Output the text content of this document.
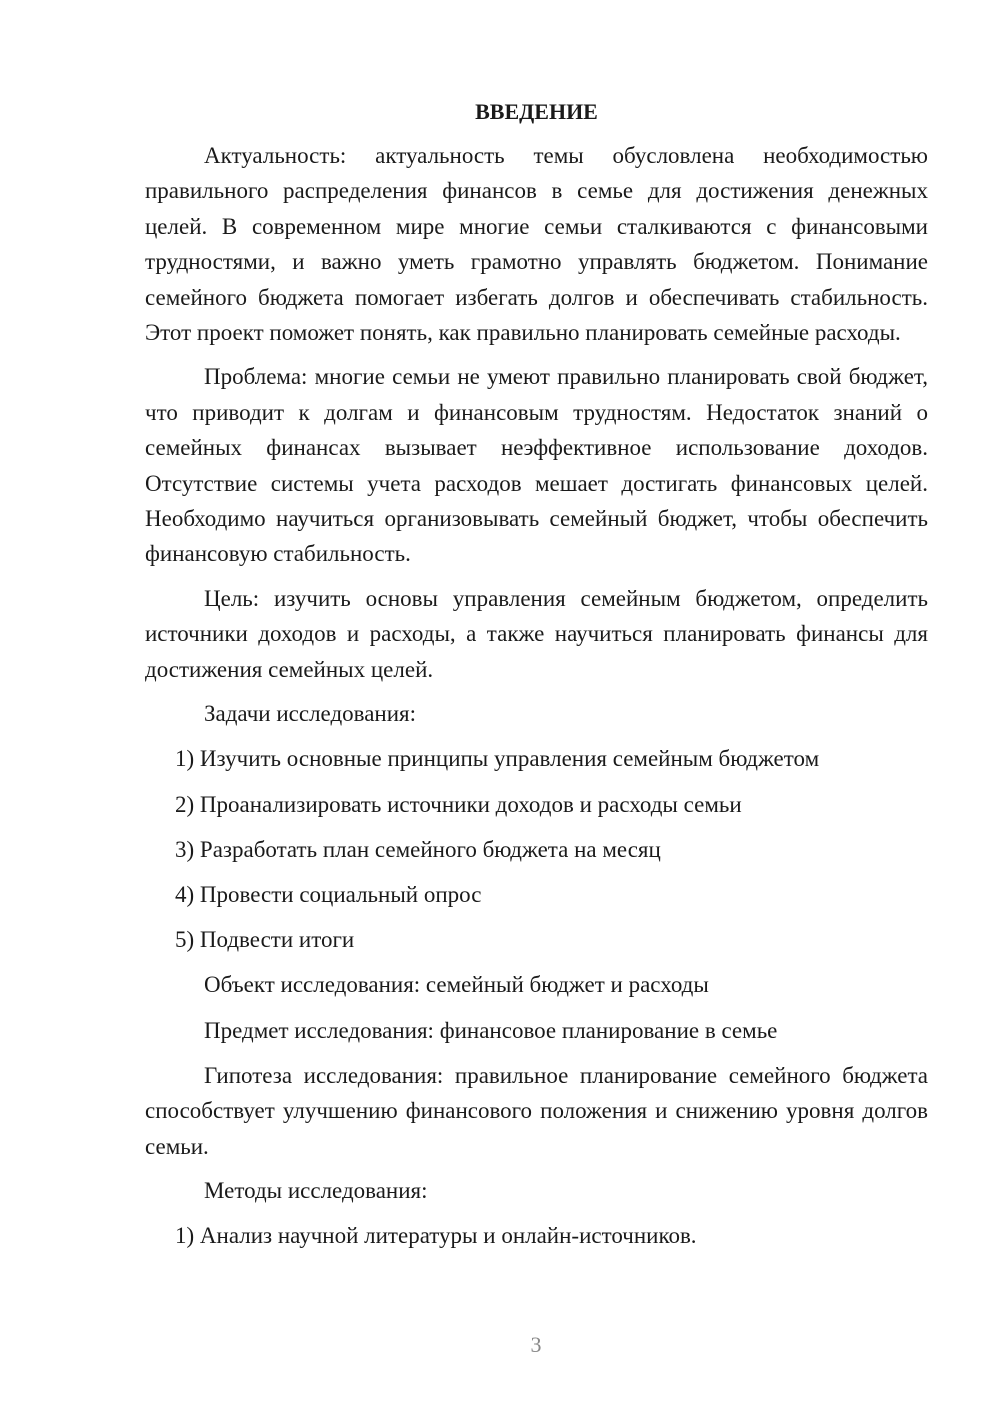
ВВЕДЕНИЕ

Актуальность: актуальность темы обусловлена необходимостью правильного распределения финансов в семье для достижения денежных целей. В современном мире многие семьи сталкиваются с финансовыми трудностями, и важно уметь грамотно управлять бюджетом. Понимание семейного бюджета помогает избегать долгов и обеспечивать стабильность. Этот проект поможет понять, как правильно планировать семейные расходы.

Проблема: многие семьи не умеют правильно планировать свой бюджет, что приводит к долгам и финансовым трудностям. Недостаток знаний о семейных финансах вызывает неэффективное использование доходов. Отсутствие системы учета расходов мешает достигать финансовых целей. Необходимо научиться организовывать семейный бюджет, чтобы обеспечить финансовую стабильность.

Цель: изучить основы управления семейным бюджетом, определить источники доходов и расходы, а также научиться планировать финансы для достижения семейных целей.

Задачи исследования:
1) Изучить основные принципы управления семейным бюджетом
2) Проанализировать источники доходов и расходы семьи
3) Разработать план семейного бюджета на месяц
4) Провести социальный опрос
5) Подвести итоги
Объект исследования: семейный бюджет и расходы
Предмет исследования: финансовое планирование в семье

Гипотеза исследования: правильное планирование семейного бюджета способствует улучшению финансового положения и снижению уровня долгов семьи.

Методы исследования:
1) Анализ научной литературы и онлайн-источников.
3
